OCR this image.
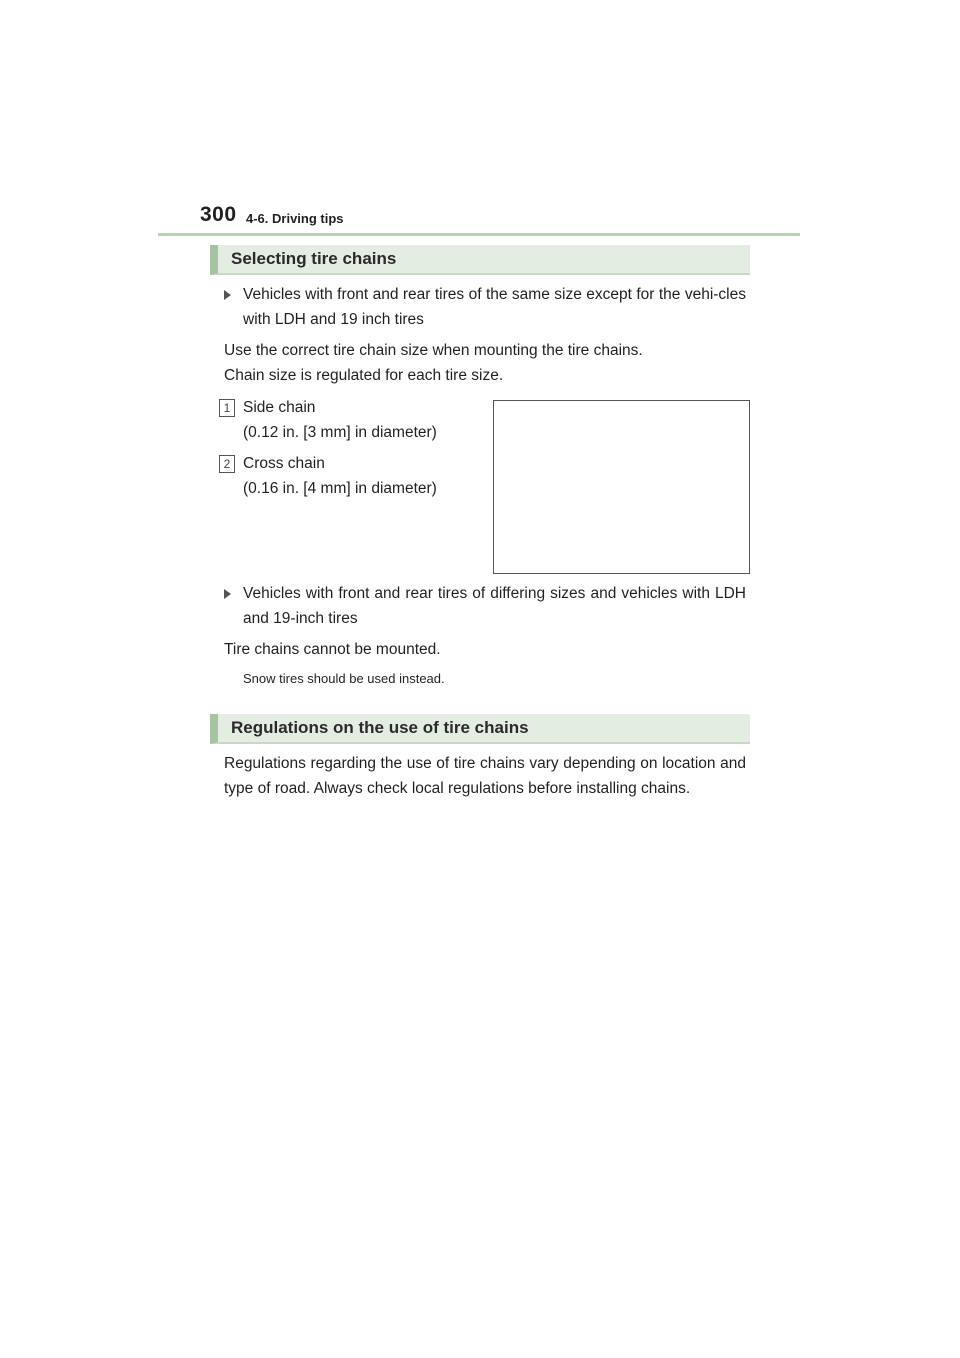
300 4-6. Driving tips
Selecting tire chains
Vehicles with front and rear tires of the same size except for the vehi-cles with LDH and 19 inch tires
Use the correct tire chain size when mounting the tire chains.
Chain size is regulated for each tire size.
1 Side chain
(0.12 in. [3 mm] in diameter)
2 Cross chain
(0.16 in. [4 mm] in diameter)
Vehicles with front and rear tires of differing sizes and vehicles with LDH and 19-inch tires
Tire chains cannot be mounted.
Snow tires should be used instead.
Regulations on the use of tire chains
Regulations regarding the use of tire chains vary depending on location and type of road. Always check local regulations before installing chains.
